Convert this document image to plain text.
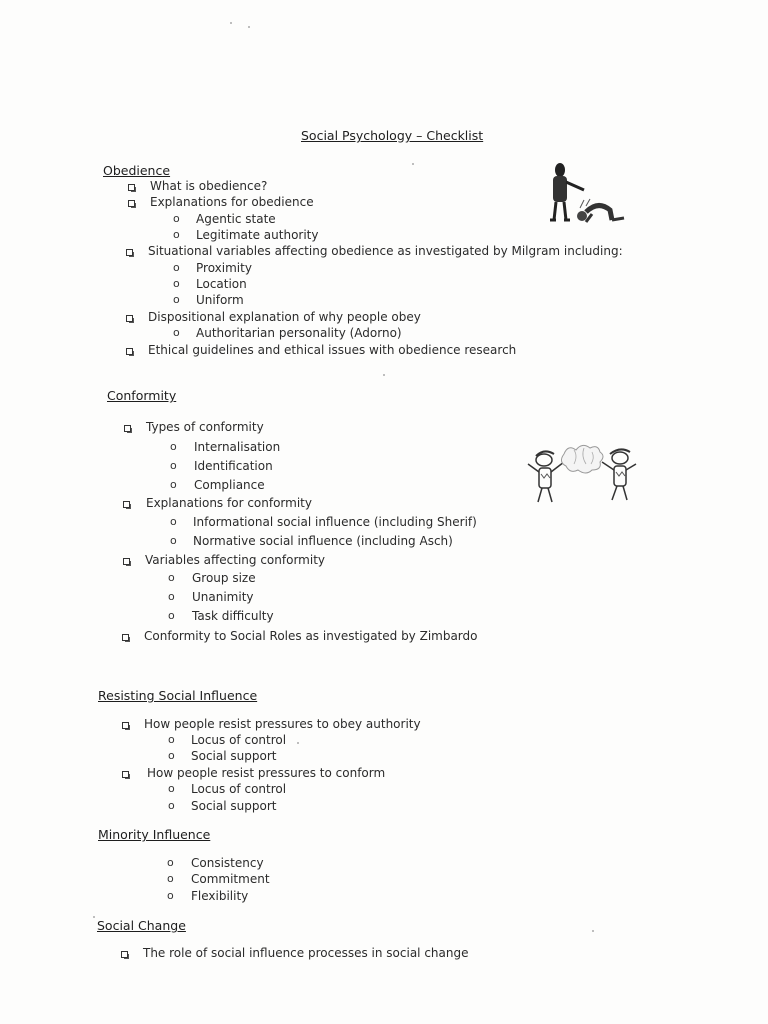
Social Psychology – Checklist
Obedience
What is obedience?
Explanations for obedience
o Agentic state
o Legitimate authority
Situational variables affecting obedience as investigated by Milgram including:
o Proximity
o Location
o Uniform
Dispositional explanation of why people obey
o Authoritarian personality (Adorno)
Ethical guidelines and ethical issues with obedience research
Conformity
Types of conformity
o Internalisation
o Identification
o Compliance
Explanations for conformity
o Informational social influence (including Sherif)
o Normative social influence (including Asch)
Variables affecting conformity
o Group size
o Unanimity
o Task difficulty
Conformity to Social Roles as investigated by Zimbardo
Resisting Social Influence
How people resist pressures to obey authority
o Locus of control
o Social support
How people resist pressures to conform
o Locus of control
o Social support
Minority Influence
o Consistency
o Commitment
o Flexibility
Social Change
The role of social influence processes in social change
